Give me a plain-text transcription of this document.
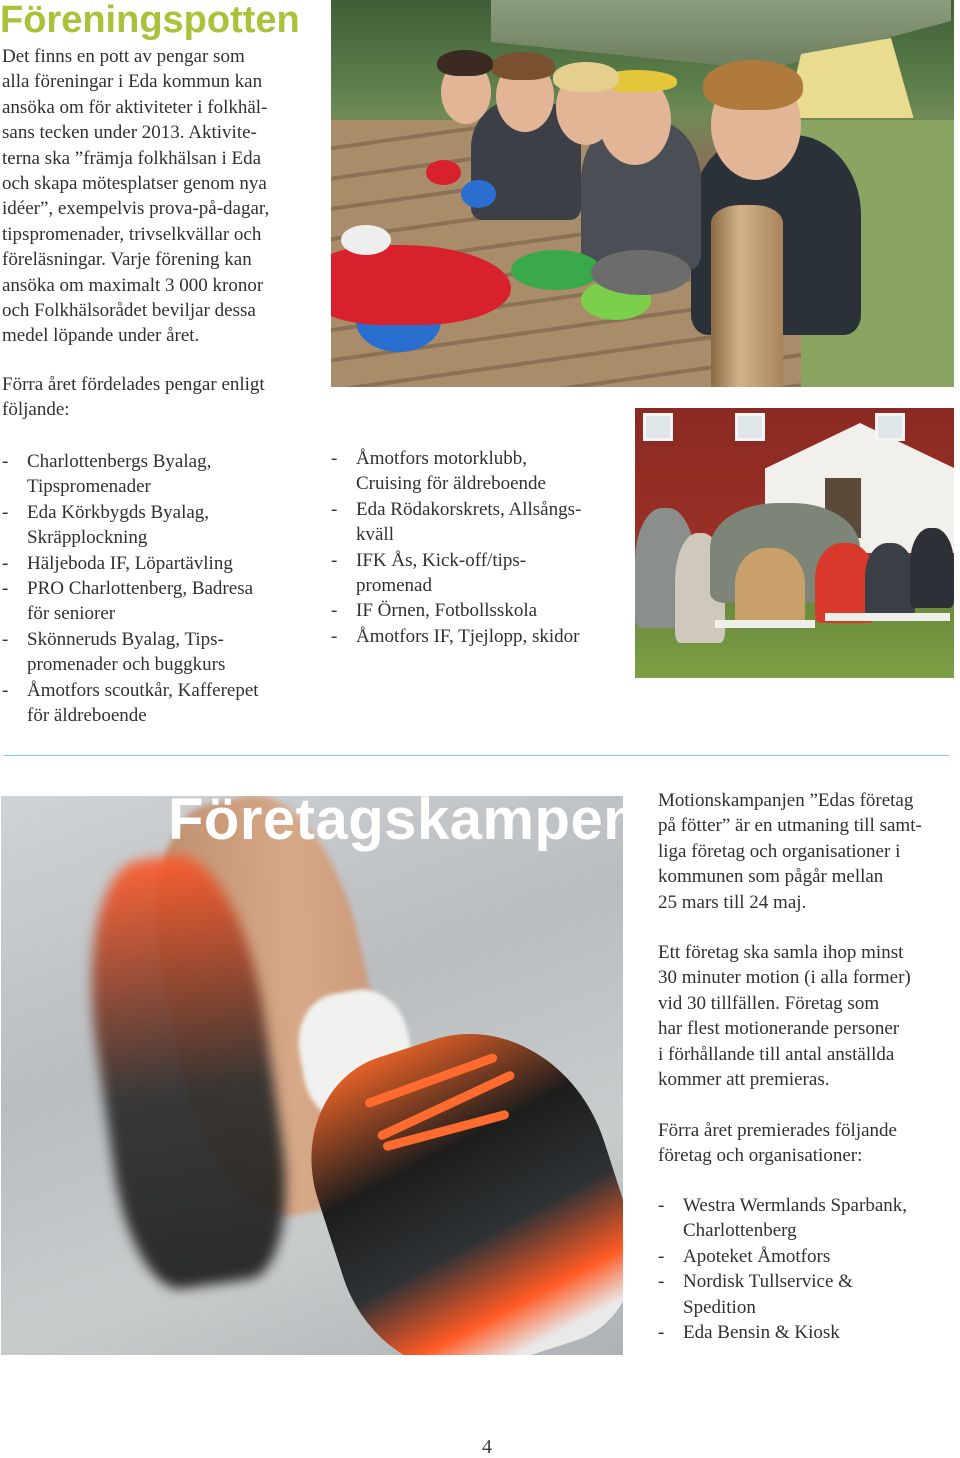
Föreningspotten
Det finns en pott av pengar som
alla föreningar i Eda kommun kan
ansöka om för aktiviteter i folkhäl-
sans tecken under 2013. Aktivite-
terna ska ”främja folkhälsan i Eda
och skapa mötesplatser genom nya
idéer”, exempelvis prova-på-dagar,
tipspromenader, trivselkvällar och
föreläsningar. Varje förening kan
ansöka om maximalt 3 000 kronor
och Folkhälsorådet beviljar dessa
medel löpande under året.
Förra året fördelades pengar enligt
följande:
- Charlottenbergs Byalag,
Tipspromenader
- Eda Körkbygds Byalag,
Skräpplockning
- Häljeboda IF, Löpartävling
- PRO Charlottenberg, Badresa
för seniorer
- Skönneruds Byalag, Tips-
promenader och buggkurs
- Åmotfors scoutkår, Kafferepet
för äldreboende
- Åmotfors motorklubb,
Cruising för äldreboende
- Eda Rödakorskrets, Allsångs-
kväll
- IFK Ås, Kick-off/tips-
promenad
- IF Örnen, Fotbollsskola
- Åmotfors IF, Tjejlopp, skidor
Företagskampen Motionskampanjen ”Edas företag
på fötter” är en utmaning till samt-
liga företag och organisationer i
kommunen som pågår mellan
25 mars till 24 maj.
Ett företag ska samla ihop minst
30 minuter motion (i alla former)
vid 30 tillfällen. Företag som
har flest motionerande personer
i förhållande till antal anställda
kommer att premieras.
Förra året premierades följande
företag och organisationer:
- Westra Wermlands Sparbank,
Charlottenberg
- Apoteket Åmotfors
- Nordisk Tullservice &
Spedition
- Eda Bensin & Kiosk
4
